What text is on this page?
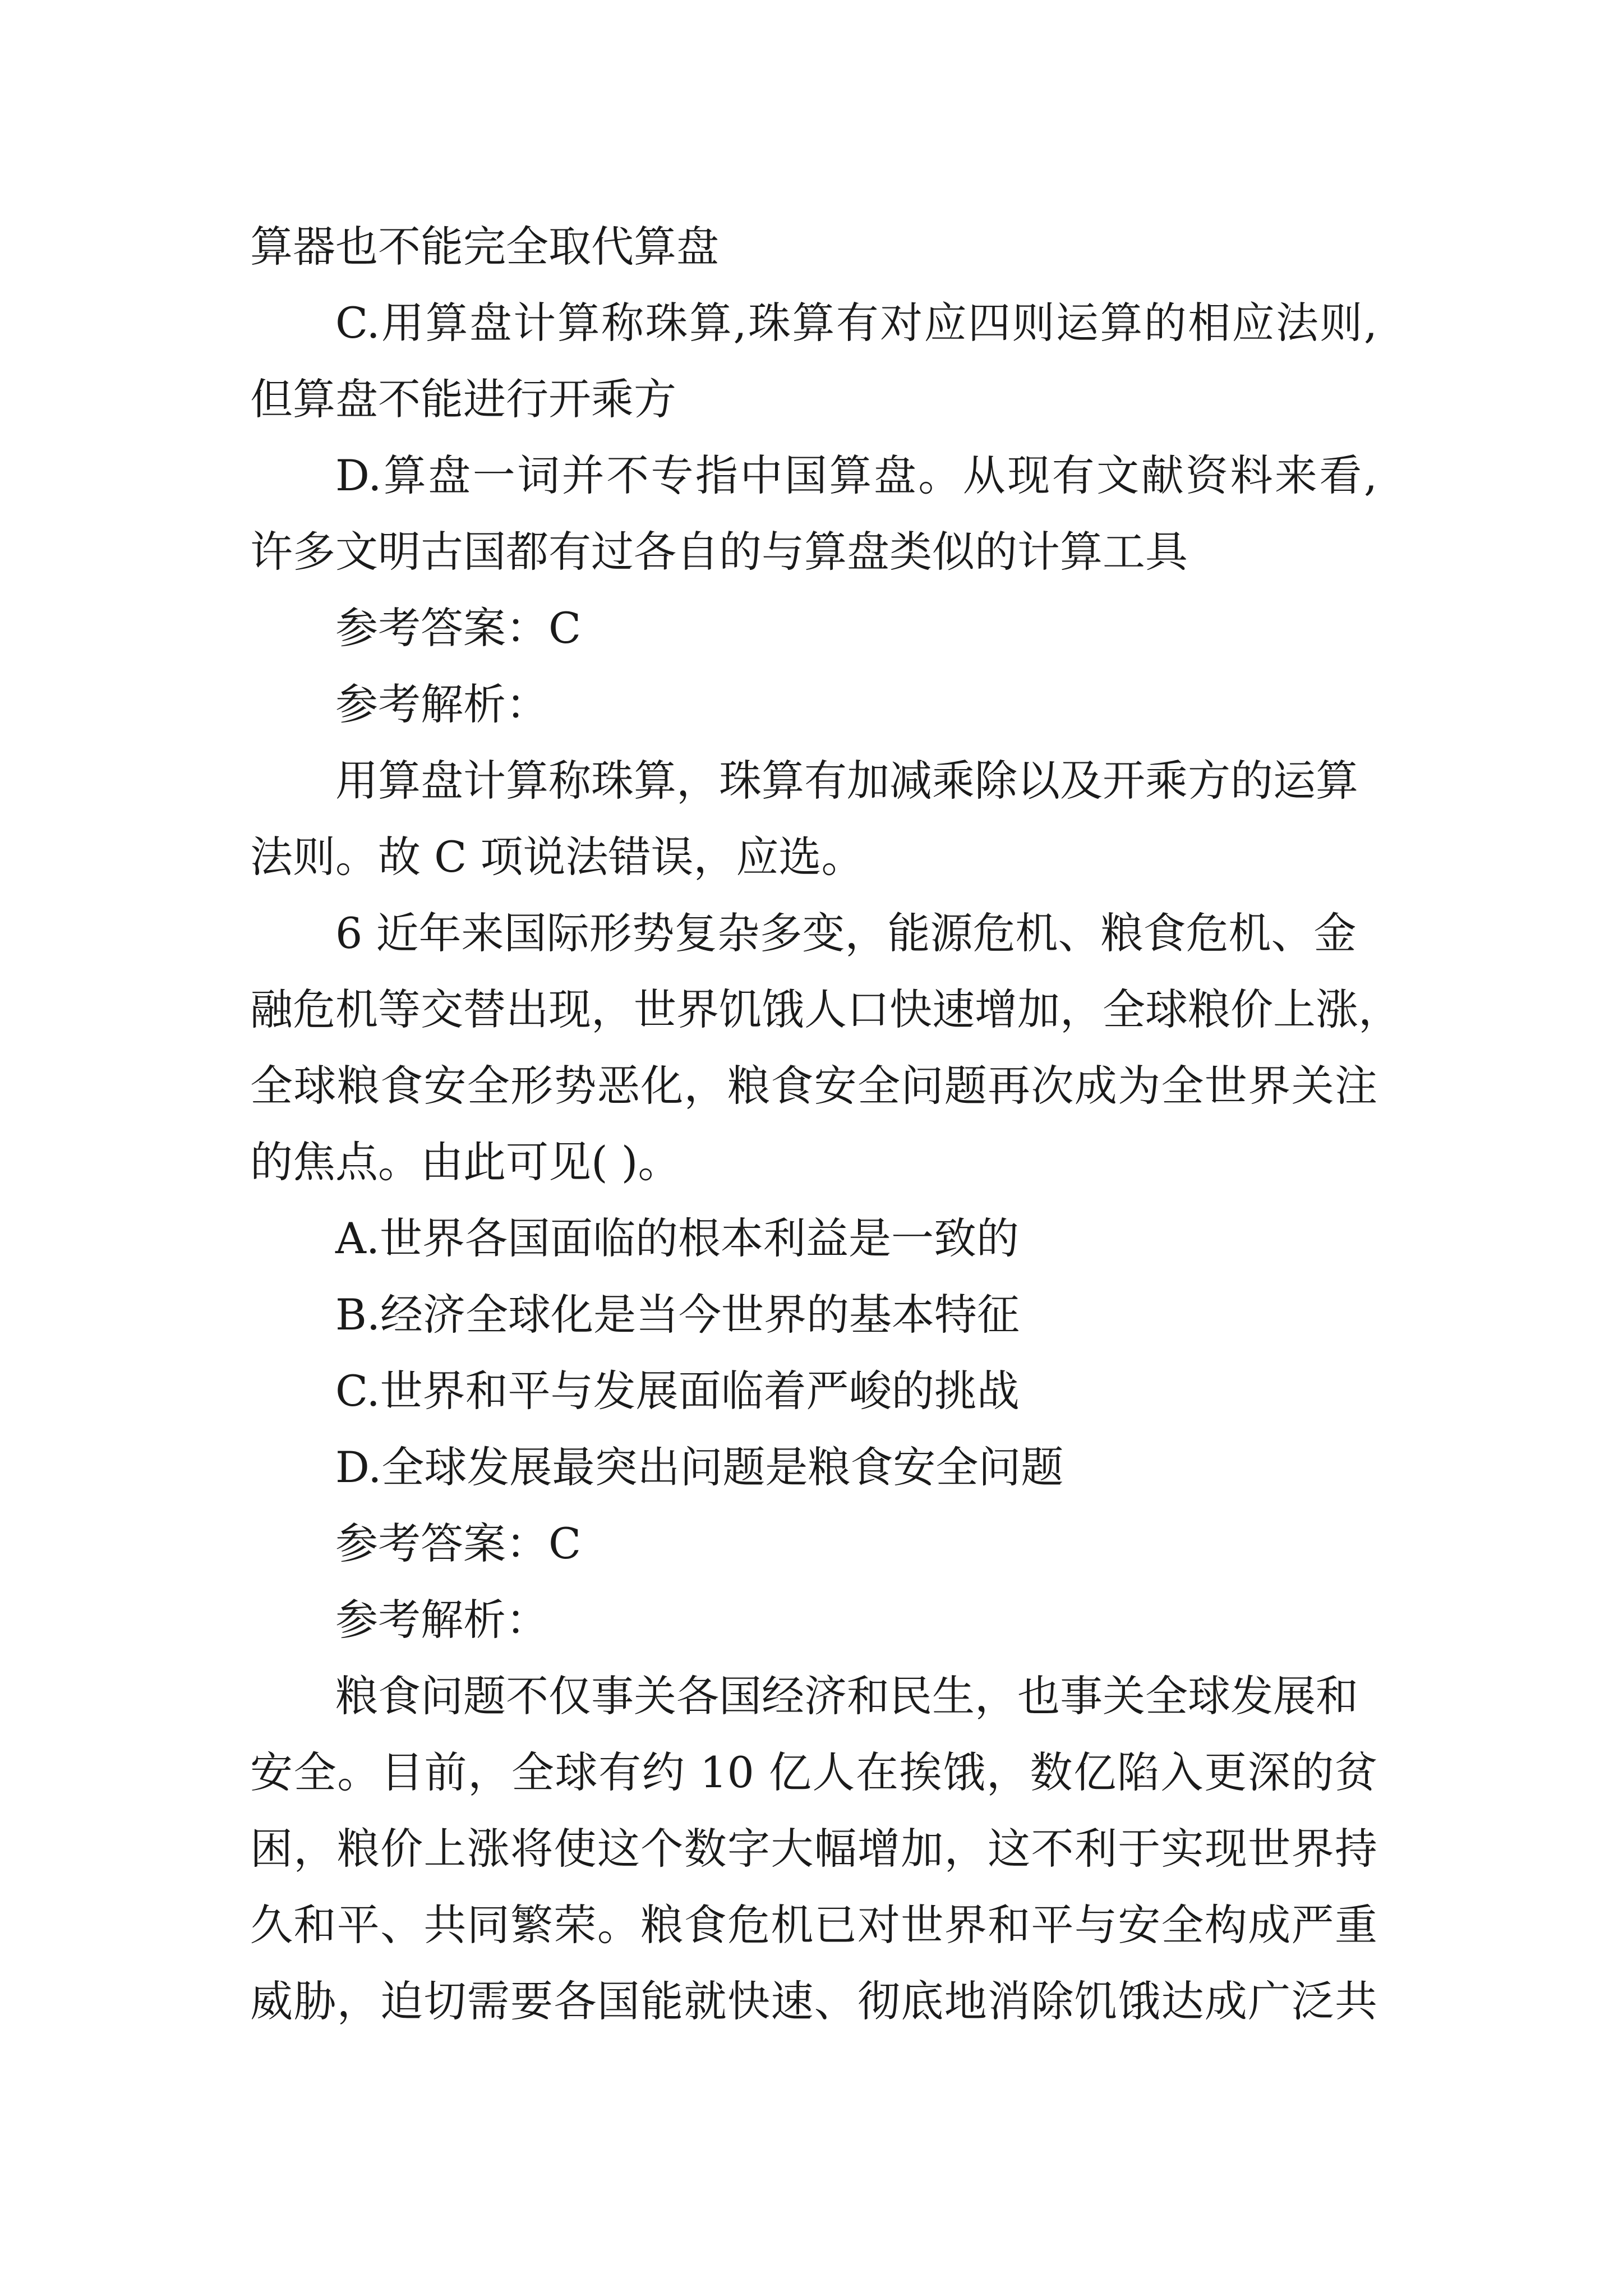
算器也不能完全取代算盘
C.用算盘计算称珠算,珠算有对应四则运算的相应法则,
但算盘不能进行开乘方
D.算盘一词并不专指中国算盘。从现有文献资料来看,
许多文明古国都有过各自的与算盘类似的计算工具
参考答案：C
参考解析：
用算盘计算称珠算，珠算有加减乘除以及开乘方的运算
法则。故 C 项说法错误，应选。
6 近年来国际形势复杂多变，能源危机、粮食危机、金
融危机等交替出现，世界饥饿人口快速增加，全球粮价上涨，
全球粮食安全形势恶化，粮食安全问题再次成为全世界关注
的焦点。由此可见( )。
A.世界各国面临的根本利益是一致的
B.经济全球化是当今世界的基本特征
C.世界和平与发展面临着严峻的挑战
D.全球发展最突出问题是粮食安全问题
参考答案：C
参考解析：
粮食问题不仅事关各国经济和民生，也事关全球发展和
安全。目前，全球有约 10 亿人在挨饿，数亿陷入更深的贫
困，粮价上涨将使这个数字大幅增加，这不利于实现世界持
久和平、共同繁荣。粮食危机已对世界和平与安全构成严重
威胁，迫切需要各国能就快速、彻底地消除饥饿达成广泛共
